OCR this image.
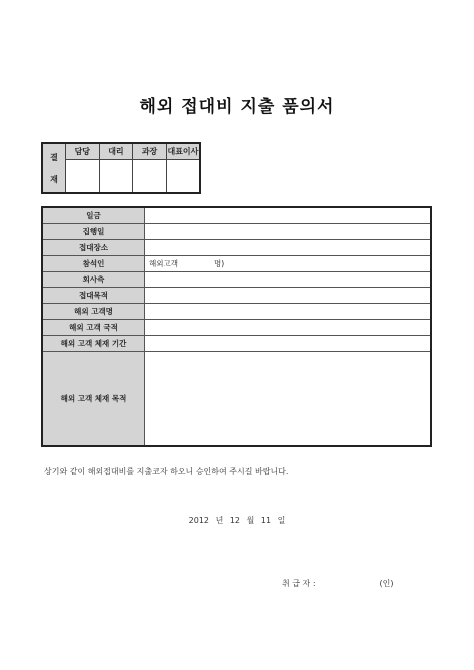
해외 접대비 지출 품의서
결
재	담당	대리	과장	대표이사

일금	
집행일	
접대장소	
참석인	해외고객 명)
회사측	
접대목적	
해외 고객명	
해외 고객 국적	
해외 고객 체재 기간	
해외 고객 체재 목적	
상기와 같이 해외접대비를 지출코자 하오니 승인하여 주시길 바랍니다.
2012 년 12 월 11 일
취 급 자 :	(인)
